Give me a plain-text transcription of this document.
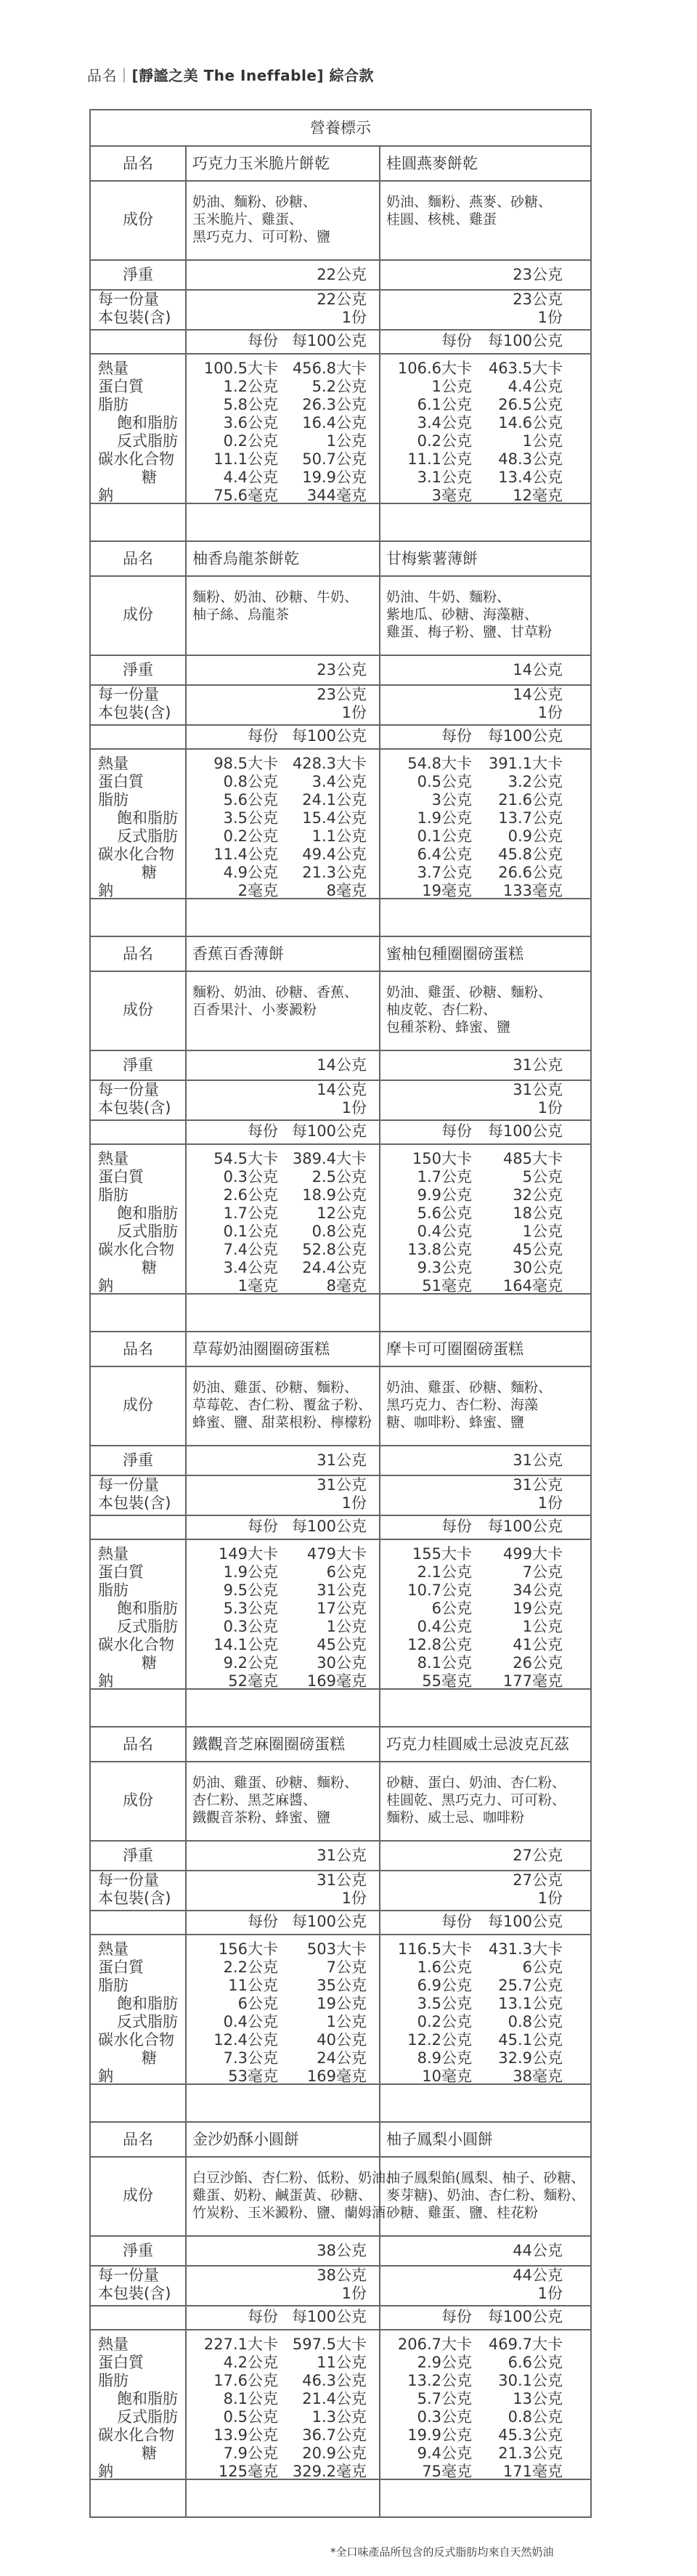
品名｜[靜謐之美 The Ineffable] 綜合款
營養標示
品名
成份
淨重
每一份量
本包裝(含)
熱量
蛋白質
脂肪
飽和脂肪
反式脂肪
碳水化合物
糖
鈉
巧克力玉米脆片餅乾
奶油、麵粉、砂糖、
玉米脆片、雞蛋、
黑巧克力、可可粉、鹽
22公克
22公克
1份
每份 每100公克
100.5大卡
1.2公克
5.8公克
3.6公克
0.2公克
11.1公克
4.4公克
75.6毫克
456.8大卡
5.2公克
26.3公克
16.4公克
1公克
50.7公克
19.9公克
344毫克
桂圓燕麥餅乾
奶油、麵粉、燕麥、砂糖、
桂圓、核桃、雞蛋
23公克
23公克
1份
每份 每100公克
106.6大卡
1公克
6.1公克
3.4公克
0.2公克
11.1公克
3.1公克
3毫克
463.5大卡
4.4公克
26.5公克
14.6公克
1公克
48.3公克
13.4公克
12毫克
品名
成份
淨重
每一份量
本包裝(含)
熱量
蛋白質
脂肪
飽和脂肪
反式脂肪
碳水化合物
糖
鈉
柚香烏龍茶餅乾
麵粉、奶油、砂糖、牛奶、
柚子絲、烏龍茶
23公克
23公克
1份
每份 每100公克
98.5大卡
0.8公克
5.6公克
3.5公克
0.2公克
11.4公克
4.9公克
2毫克
428.3大卡
3.4公克
24.1公克
15.4公克
1.1公克
49.4公克
21.3公克
8毫克
甘梅紫薯薄餅
奶油、牛奶、麵粉、
紫地瓜、砂糖、海藻糖、
雞蛋、梅子粉、鹽、甘草粉
14公克
14公克
1份
每份 每100公克
54.8大卡
0.5公克
3公克
1.9公克
0.1公克
6.4公克
3.7公克
19毫克
391.1大卡
3.2公克
21.6公克
13.7公克
0.9公克
45.8公克
26.6公克
133毫克
品名
成份
淨重
每一份量
本包裝(含)
熱量
蛋白質
脂肪
飽和脂肪
反式脂肪
碳水化合物
糖
鈉
香蕉百香薄餅
麵粉、奶油、砂糖、香蕉、
百香果汁、小麥澱粉
14公克
14公克
1份
每份 每100公克
54.5大卡
0.3公克
2.6公克
1.7公克
0.1公克
7.4公克
3.4公克
1毫克
389.4大卡
2.5公克
18.9公克
12公克
0.8公克
52.8公克
24.4公克
8毫克
蜜柚包種圈圈磅蛋糕
奶油、雞蛋、砂糖、麵粉、
柚皮乾、杏仁粉、
包種茶粉、蜂蜜、鹽
31公克
31公克
1份
每份 每100公克
150大卡
1.7公克
9.9公克
5.6公克
0.4公克
13.8公克
9.3公克
51毫克
485大卡
5公克
32公克
18公克
1公克
45公克
30公克
164毫克
品名
成份
淨重
每一份量
本包裝(含)
熱量
蛋白質
脂肪
飽和脂肪
反式脂肪
碳水化合物
糖
鈉
草莓奶油圈圈磅蛋糕
奶油、雞蛋、砂糖、麵粉、
草莓乾、杏仁粉、覆盆子粉、
蜂蜜、鹽、甜菜根粉、檸檬粉
31公克
31公克
1份
每份 每100公克
149大卡
1.9公克
9.5公克
5.3公克
0.3公克
14.1公克
9.2公克
52毫克
479大卡
6公克
31公克
17公克
1公克
45公克
30公克
169毫克
摩卡可可圈圈磅蛋糕
奶油、雞蛋、砂糖、麵粉、
黑巧克力、杏仁粉、海藻
糖、咖啡粉、蜂蜜、鹽
31公克
31公克
1份
每份 每100公克
155大卡
2.1公克
10.7公克
6公克
0.4公克
12.8公克
8.1公克
55毫克
499大卡
7公克
34公克
19公克
1公克
41公克
26公克
177毫克
品名
成份
淨重
每一份量
本包裝(含)
熱量
蛋白質
脂肪
飽和脂肪
反式脂肪
碳水化合物
糖
鈉
鐵觀音芝麻圈圈磅蛋糕
奶油、雞蛋、砂糖、麵粉、
杏仁粉、黑芝麻醬、
鐵觀音茶粉、蜂蜜、鹽
31公克
31公克
1份
每份 每100公克
156大卡
2.2公克
11公克
6公克
0.4公克
12.4公克
7.3公克
53毫克
503大卡
7公克
35公克
19公克
1公克
40公克
24公克
169毫克
巧克力桂圓威士忌波克瓦茲
砂糖、蛋白、奶油、杏仁粉、
桂圓乾、黑巧克力、可可粉、
麵粉、威士忌、咖啡粉
27公克
27公克
1份
每份 每100公克
116.5大卡
1.6公克
6.9公克
3.5公克
0.2公克
12.2公克
8.9公克
10毫克
431.3大卡
6公克
25.7公克
13.1公克
0.8公克
45.1公克
32.9公克
38毫克
品名
成份
淨重
每一份量
本包裝(含)
熱量
蛋白質
脂肪
飽和脂肪
反式脂肪
碳水化合物
糖
鈉
金沙奶酥小圓餅
白豆沙餡、杏仁粉、低粉、奶油、
雞蛋、奶粉、鹹蛋黃、砂糖、
竹炭粉、玉米澱粉、鹽、蘭姆酒
38公克
38公克
1份
每份 每100公克
227.1大卡
4.2公克
17.6公克
8.1公克
0.5公克
13.9公克
7.9公克
125毫克
597.5大卡
11公克
46.3公克
21.4公克
1.3公克
36.7公克
20.9公克
329.2毫克
柚子鳳梨小圓餅
柚子鳳梨餡(鳳梨、柚子、砂糖、
麥芽糖)、奶油、杏仁粉、麵粉、
砂糖、雞蛋、鹽、桂花粉
44公克
44公克
1份
每份 每100公克
206.7大卡
2.9公克
13.2公克
5.7公克
0.3公克
19.9公克
9.4公克
75毫克
469.7大卡
6.6公克
30.1公克
13公克
0.8公克
45.3公克
21.3公克
171毫克
*全口味產品所包含的反式脂肪均來自天然奶油
